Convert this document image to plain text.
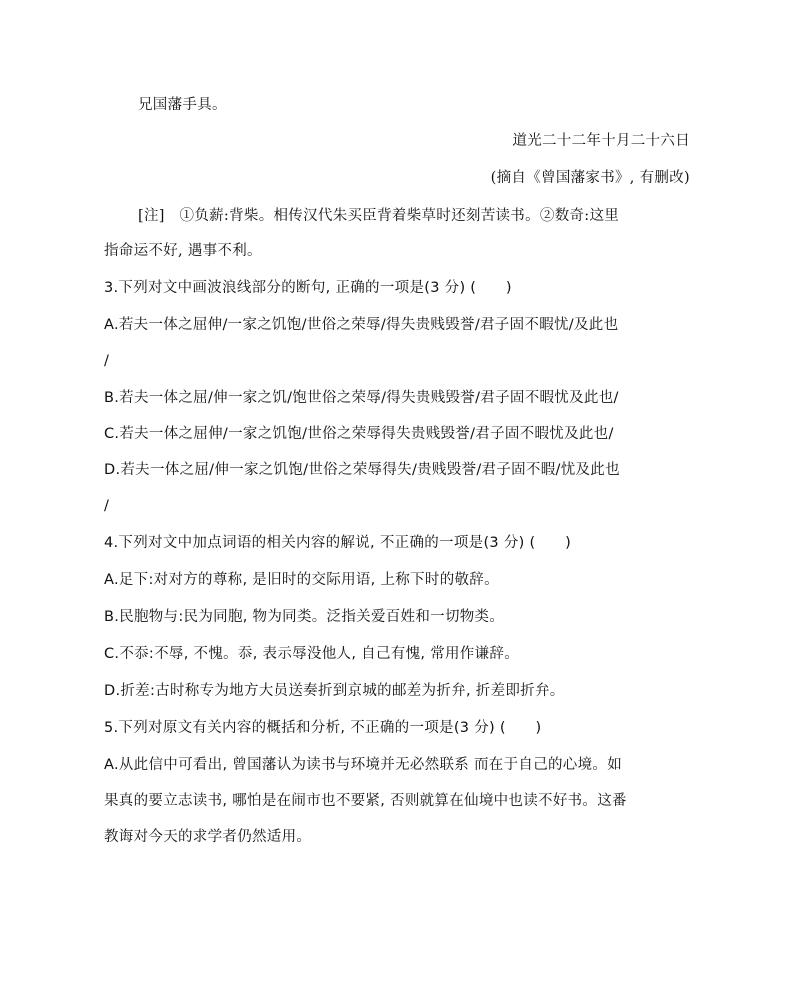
兄国藩手具。
道光二十二年十月二十六日
(摘自《曾国藩家书》, 有删改)
[注]　①负薪:背柴。相传汉代朱买臣背着柴草时还刻苦读书。②数奇:这里
指命运不好, 遇事不利。
3.下列对文中画波浪线部分的断句, 正确的一项是(3 分) (　　)
A.若夫一体之屈伸/一家之饥饱/世俗之荣辱/得失贵贱毁誉/君子固不暇忧/及此也
/
B.若夫一体之屈/伸一家之饥/饱世俗之荣辱/得失贵贱毁誉/君子固不暇忧及此也/
C.若夫一体之屈伸/一家之饥饱/世俗之荣辱得失贵贱毁誉/君子固不暇忧及此也/
D.若夫一体之屈/伸一家之饥饱/世俗之荣辱得失/贵贱毁誉/君子固不暇/忧及此也
/
4.下列对文中加点词语的相关内容的解说, 不正确的一项是(3 分) (　　)
A.足下:对对方的尊称, 是旧时的交际用语, 上称下时的敬辞。
B.民胞物与:民为同胞, 物为同类。泛指关爱百姓和一切物类。
C.不忝:不辱, 不愧。忝, 表示辱没他人, 自己有愧, 常用作谦辞。
D.折差:古时称专为地方大员送奏折到京城的邮差为折弁, 折差即折弁。
5.下列对原文有关内容的概括和分析, 不正确的一项是(3 分) (　　)
A.从此信中可看出, 曾国藩认为读书与环境并无必然联系 而在于自己的心境。如
果真的要立志读书, 哪怕是在闹市也不要紧, 否则就算在仙境中也读不好书。这番
教诲对今天的求学者仍然适用。
